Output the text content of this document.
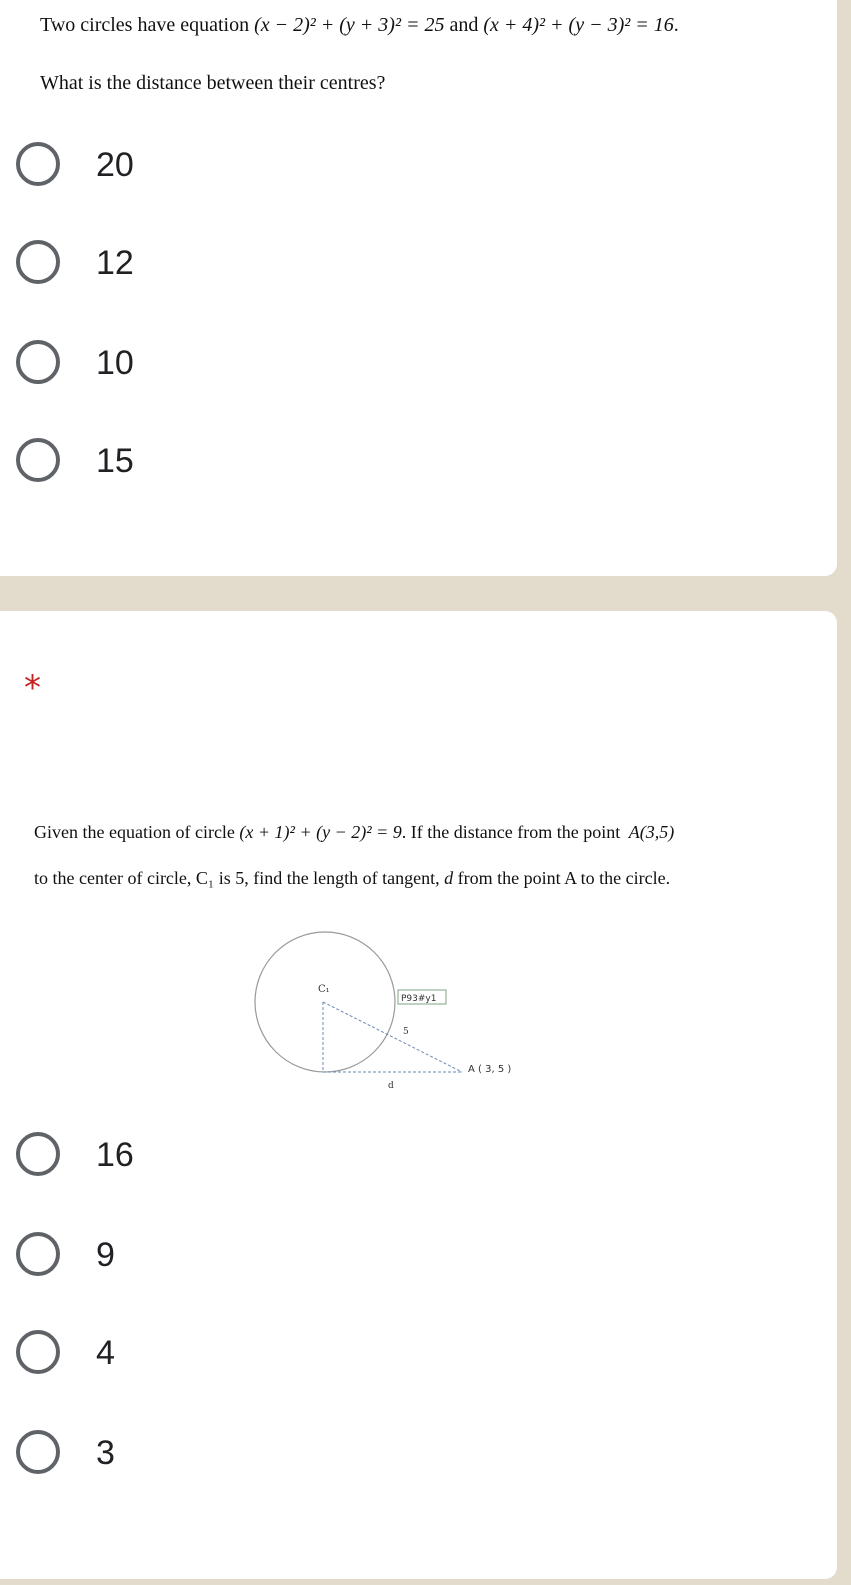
Two circles have equation (x − 2)² + (y + 3)² = 25 and (x + 4)² + (y − 3)² = 16.
What is the distance between their centres?
20
12
10
15
*
Given the equation of circle (x + 1)² + (y − 2)² = 9. If the distance from the point A(3,5)
to the center of circle, C₁ is 5, find the length of tangent, d from the point A to the circle.
C₁
P93#y1
5
A ( 3, 5 )
d
16
9
4
3
